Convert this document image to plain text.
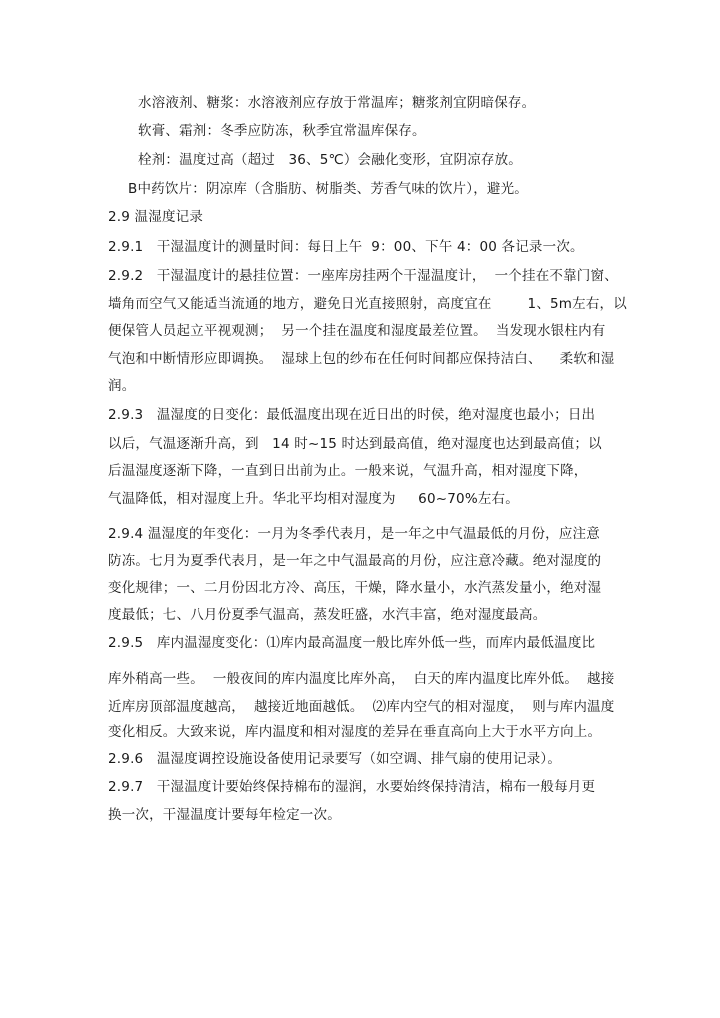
水溶液剂、糖浆：水溶液剂应存放于常温库；糖浆剂宜阴暗保存。
软膏、霜剂：冬季应防冻，秋季宜常温库保存。
栓剂：温度过高（超过   36、5℃）会融化变形，宜阴凉存放。
B中药饮片：阴凉库（含脂肪、树脂类、芳香气味的饮片），避光。
2.9 温湿度记录
2.9.1   干湿温度计的测量时间：每日上午  9：00、下午 4：00 各记录一次。
2.9.2   干湿温度计的悬挂位置：一座库房挂两个干湿温度计，  一个挂在不靠门窗、
墙角而空气又能适当流通的地方，避免日光直接照射，高度宜在        1、5m左右，以
便保管人员起立平视观测；  另一个挂在温度和湿度最差位置。  当发现水银柱内有
气泡和中断情形应即调换。  湿球上包的纱布在任何时间都应保持洁白、    柔软和湿
润。
2.9.3   温湿度的日变化：最低温度出现在近日出的时侯，绝对湿度也最小；日出
以后，气温逐渐升高，到   14 时~15 时达到最高值，绝对湿度也达到最高值；以
后温湿度逐渐下降，一直到日出前为止。一般来说，气温升高，相对湿度下降，
气温降低，相对湿度上升。华北平均相对湿度为     60~70%左右。
2.9.4 温湿度的年变化：一月为冬季代表月，是一年之中气温最低的月份，应注意
防冻。七月为夏季代表月，是一年之中气温最高的月份，应注意冷藏。绝对湿度的
变化规律；一、二月份因北方冷、高压，干燥，降水量小，水汽蒸发量小，绝对湿
度最低；七、八月份夏季气温高，蒸发旺盛，水汽丰富，绝对湿度最高。
2.9.5   库内温湿度变化：⑴库内最高温度一般比库外低一些，而库内最低温度比
库外稍高一些。  一般夜间的库内温度比库外高，  白天的库内温度比库外低。  越接
近库房顶部温度越高，  越接近地面越低。  ⑵库内空气的相对湿度，  则与库内温度
变化相反。大致来说，库内温度和相对湿度的差异在垂直高向上大于水平方向上。
2.9.6   温湿度调控设施设备使用记录要写（如空调、排气扇的使用记录）。
2.9.7   干湿温度计要始终保持棉布的湿润，水要始终保持清洁，棉布一般每月更
换一次，干湿温度计要每年检定一次。
